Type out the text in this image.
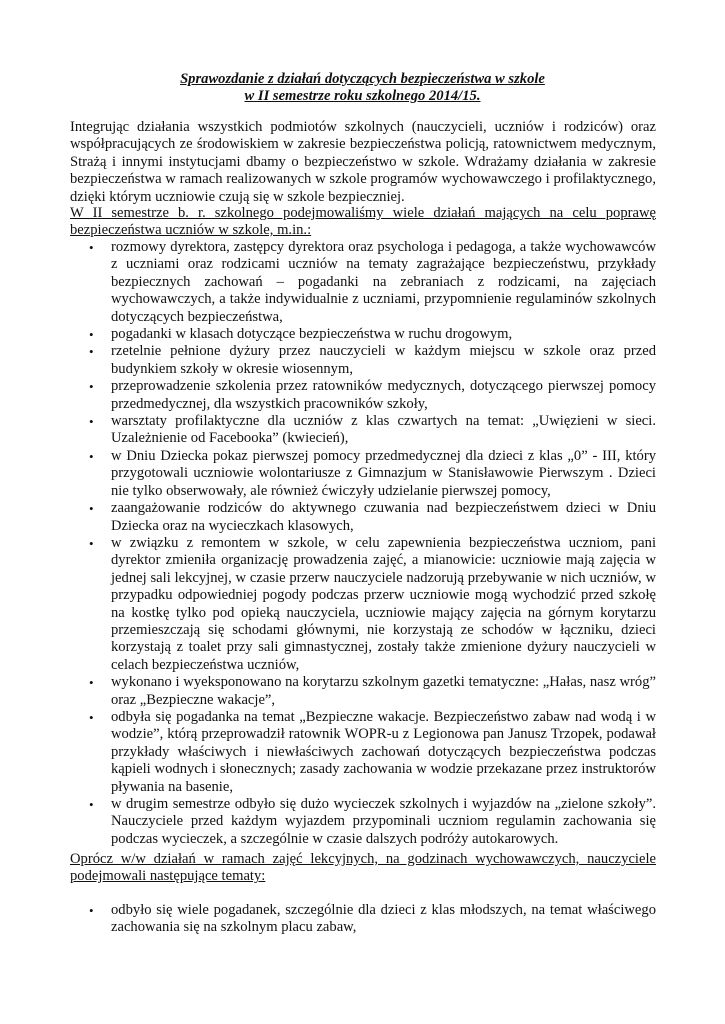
Sprawozdanie z działań dotyczących bezpieczeństwa w szkole
w II semestrze roku szkolnego 2014/15.

Integrując działania wszystkich podmiotów szkolnych (nauczycieli, uczniów i rodziców) oraz współpracujących ze środowiskiem w zakresie bezpieczeństwa policją, ratownictwem medycznym, Strażą i innymi instytucjami dbamy o bezpieczeństwo w szkole. Wdrażamy działania w zakresie bezpieczeństwa w ramach realizowanych w szkole programów wychowawczego i profilaktycznego, dzięki którym uczniowie czują się w szkole bezpieczniej.

W II semestrze b. r. szkolnego podejmowaliśmy wiele działań mających na celu poprawę bezpieczeństwa uczniów w szkole, m.in.:

• rozmowy dyrektora, zastępcy dyrektora oraz psychologa i pedagoga, a także wychowawców z uczniami oraz rodzicami uczniów na tematy zagrażające bezpieczeństwu, przykłady bezpiecznych zachowań – pogadanki na zebraniach z rodzicami, na zajęciach wychowawczych, a także indywidualnie z uczniami, przypomnienie regulaminów szkolnych dotyczących bezpieczeństwa,
• pogadanki w klasach dotyczące bezpieczeństwa w ruchu drogowym,
• rzetelnie pełnione dyżury przez nauczycieli w każdym miejscu w szkole oraz przed budynkiem szkoły w okresie wiosennym,
• przeprowadzenie szkolenia przez ratowników medycznych, dotyczącego pierwszej pomocy przedmedycznej, dla wszystkich pracowników szkoły,
• warsztaty profilaktyczne dla uczniów z klas czwartych na temat: „Uwięzieni w sieci. Uzależnienie od Facebooka” (kwiecień),
• w Dniu Dziecka pokaz pierwszej pomocy przedmedycznej dla dzieci z klas „0” - III, który przygotowali uczniowie wolontariusze z Gimnazjum w Stanisławowie Pierwszym . Dzieci nie tylko obserwowały, ale również ćwiczyły udzielanie pierwszej pomocy,
• zaangażowanie rodziców do aktywnego czuwania nad bezpieczeństwem dzieci w Dniu Dziecka oraz na wycieczkach klasowych,
• w związku z remontem w szkole, w celu zapewnienia bezpieczeństwa uczniom, pani dyrektor zmieniła organizację prowadzenia zajęć, a mianowicie: uczniowie mają zajęcia w jednej sali lekcyjnej, w czasie przerw nauczyciele nadzorują przebywanie w nich uczniów, w przypadku odpowiedniej pogody podczas przerw uczniowie mogą wychodzić przed szkołę na kostkę tylko pod opieką nauczyciela, uczniowie mający zajęcia na górnym korytarzu przemieszczają się schodami głównymi, nie korzystają ze schodów w łączniku, dzieci korzystają z toalet przy sali gimnastycznej, zostały także zmienione dyżury nauczycieli w celach bezpieczeństwa uczniów,
• wykonano i wyeksponowano na korytarzu szkolnym gazetki tematyczne: „Hałas, nasz wróg” oraz „Bezpieczne wakacje”,
• odbyła się pogadanka na temat „Bezpieczne wakacje. Bezpieczeństwo zabaw nad wodą i w wodzie”, którą przeprowadził ratownik WOPR-u z Legionowa pan Janusz Trzopek, podawał przykłady właściwych i niewłaściwych zachowań dotyczących bezpieczeństwa podczas kąpieli wodnych i słonecznych; zasady zachowania w wodzie przekazane przez instruktorów pływania na basenie,
• w drugim semestrze odbyło się dużo wycieczek szkolnych i wyjazdów na „zielone szkoły”. Nauczyciele przed każdym wyjazdem przypominali uczniom regulamin zachowania się podczas wycieczek, a szczególnie w czasie dalszych podróży autokarowych.

Oprócz w/w działań w ramach zajęć lekcyjnych, na godzinach wychowawczych, nauczyciele podejmowali następujące tematy:

• odbyło się wiele pogadanek, szczególnie dla dzieci z klas młodszych, na temat właściwego zachowania się na szkolnym placu zabaw,
